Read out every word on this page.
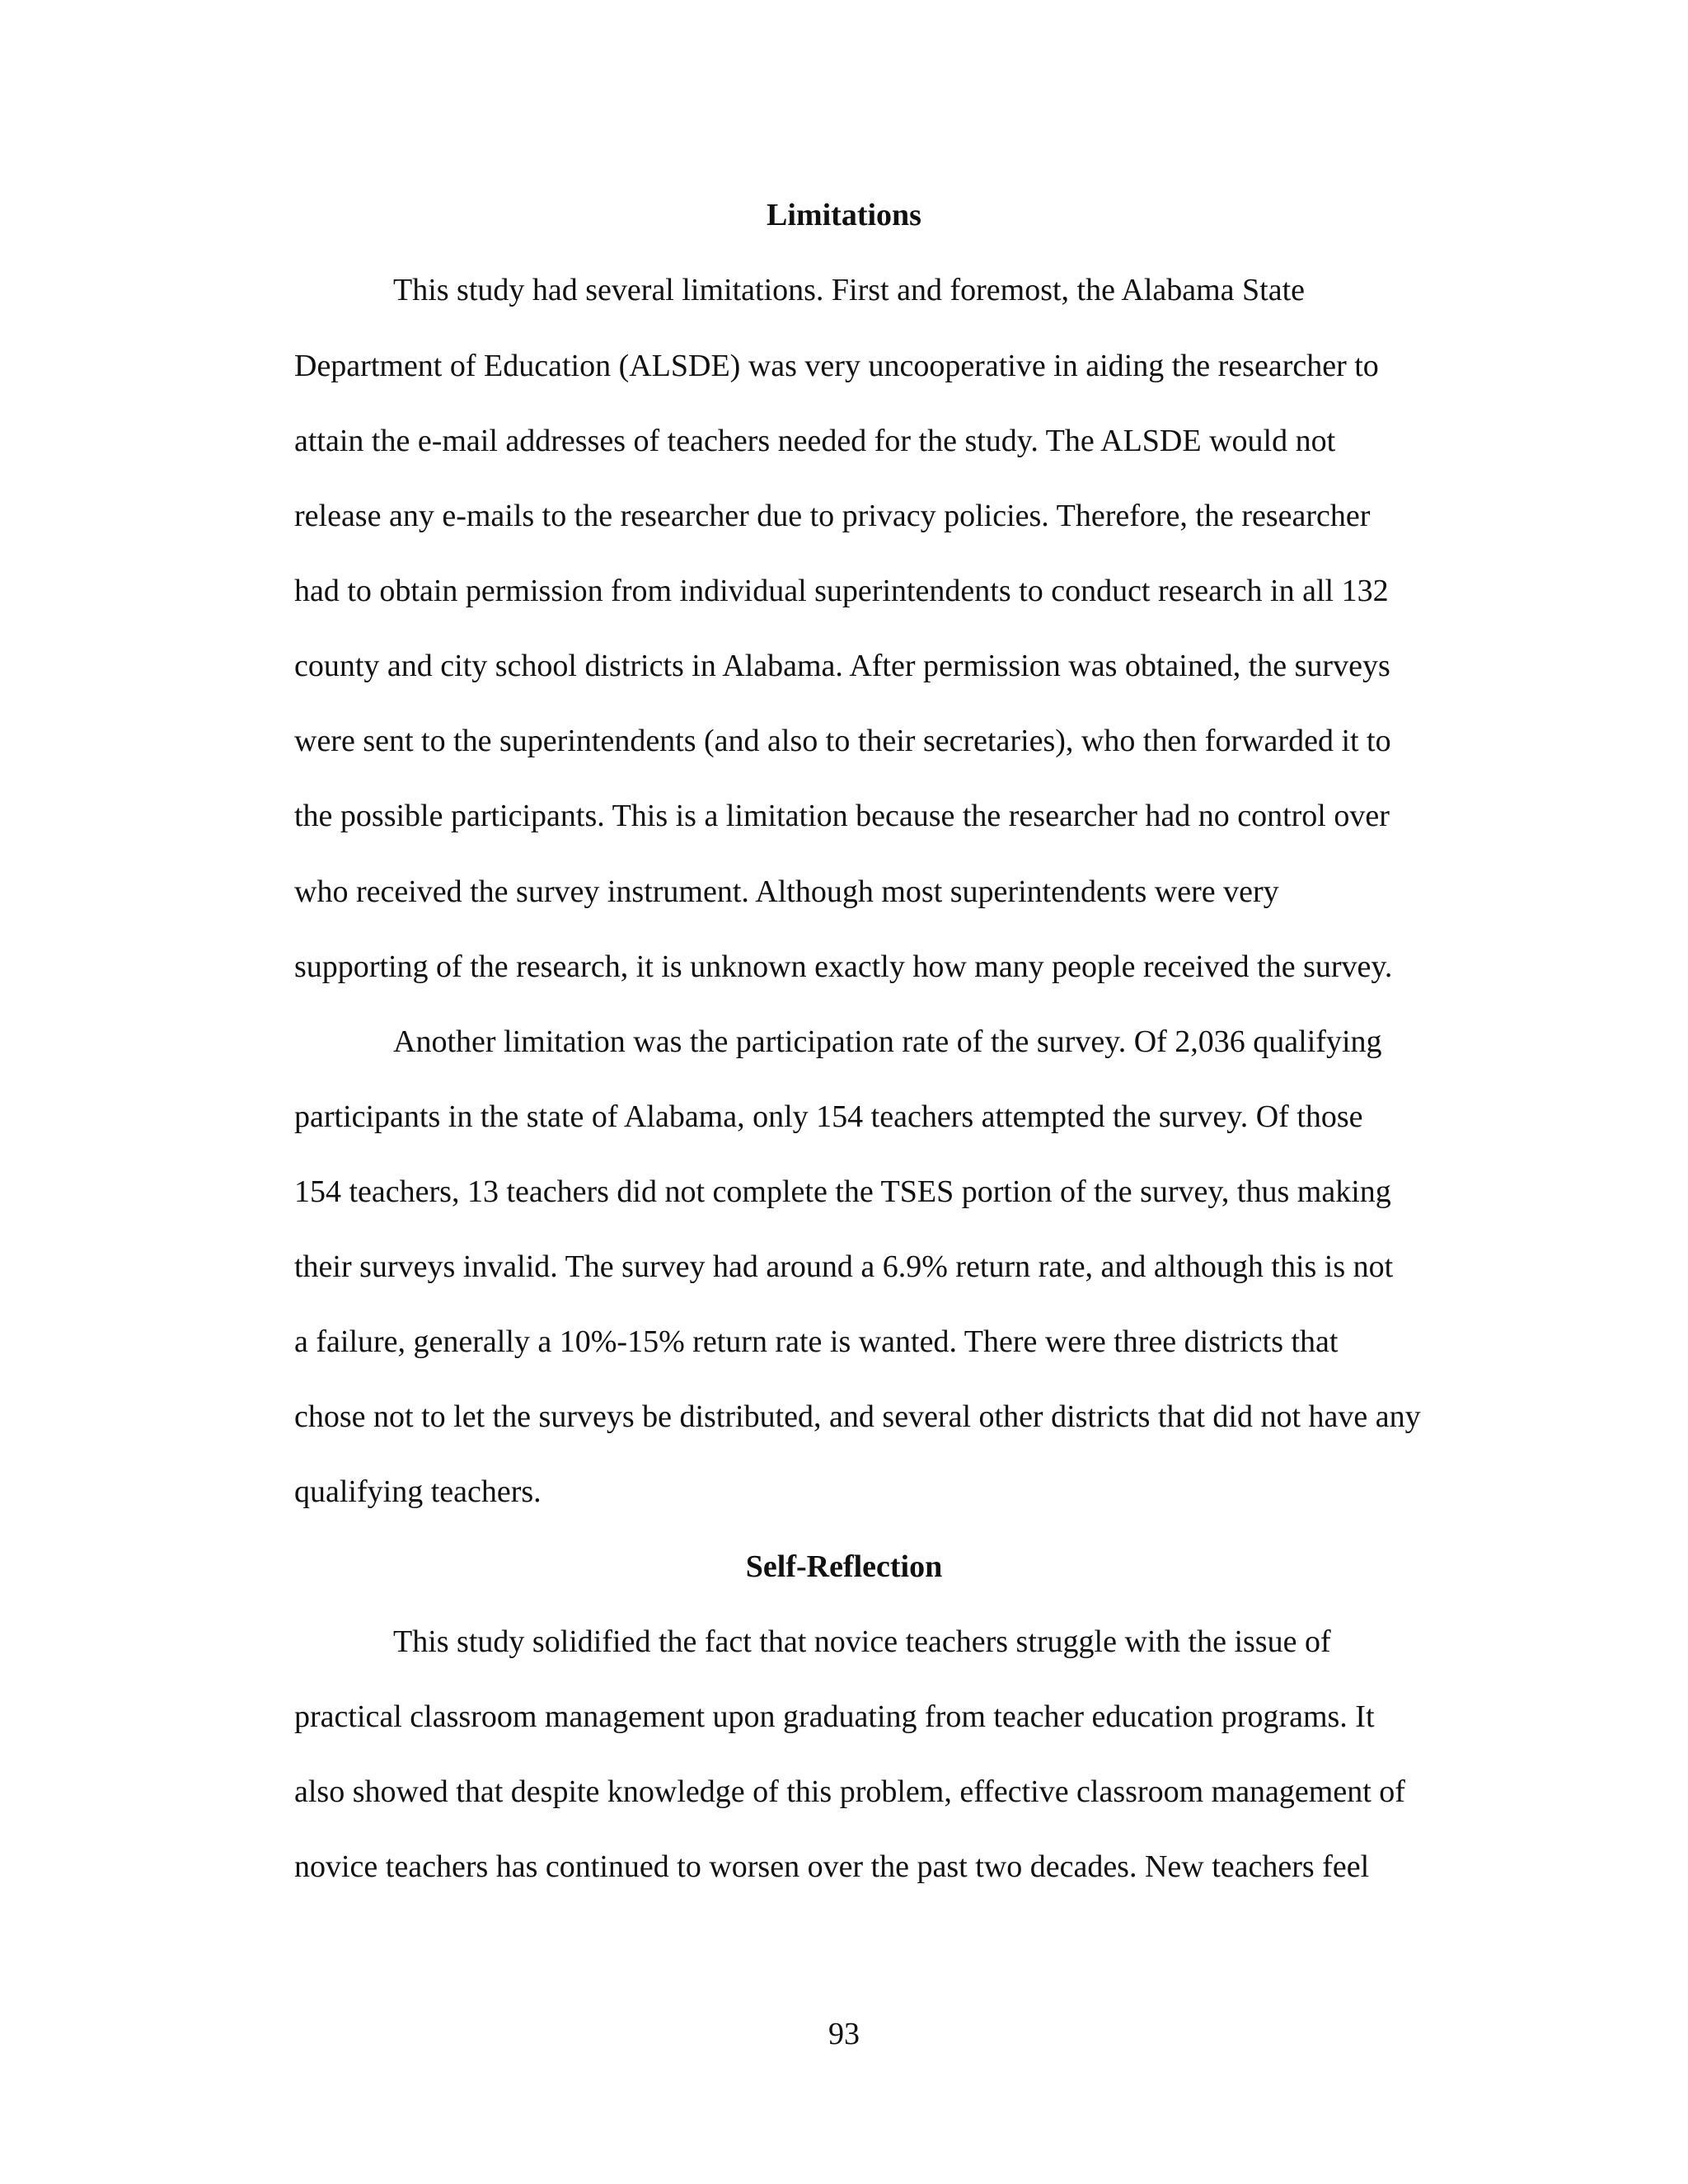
Limitations

This study had several limitations. First and foremost, the Alabama State

Department of Education (ALSDE) was very uncooperative in aiding the researcher to

attain the e-mail addresses of teachers needed for the study. The ALSDE would not

release any e-mails to the researcher due to privacy policies. Therefore, the researcher

had to obtain permission from individual superintendents to conduct research in all 132

county and city school districts in Alabama. After permission was obtained, the surveys

were sent to the superintendents (and also to their secretaries), who then forwarded it to

the possible participants. This is a limitation because the researcher had no control over

who received the survey instrument. Although most superintendents were very

supporting of the research, it is unknown exactly how many people received the survey.

Another limitation was the participation rate of the survey. Of 2,036 qualifying

participants in the state of Alabama, only 154 teachers attempted the survey. Of those

154 teachers, 13 teachers did not complete the TSES portion of the survey, thus making

their surveys invalid. The survey had around a 6.9% return rate, and although this is not

a failure, generally a 10%-15% return rate is wanted. There were three districts that

chose not to let the surveys be distributed, and several other districts that did not have any

qualifying teachers.

Self-Reflection

This study solidified the fact that novice teachers struggle with the issue of

practical classroom management upon graduating from teacher education programs. It

also showed that despite knowledge of this problem, effective classroom management of

novice teachers has continued to worsen over the past two decades. New teachers feel

93
